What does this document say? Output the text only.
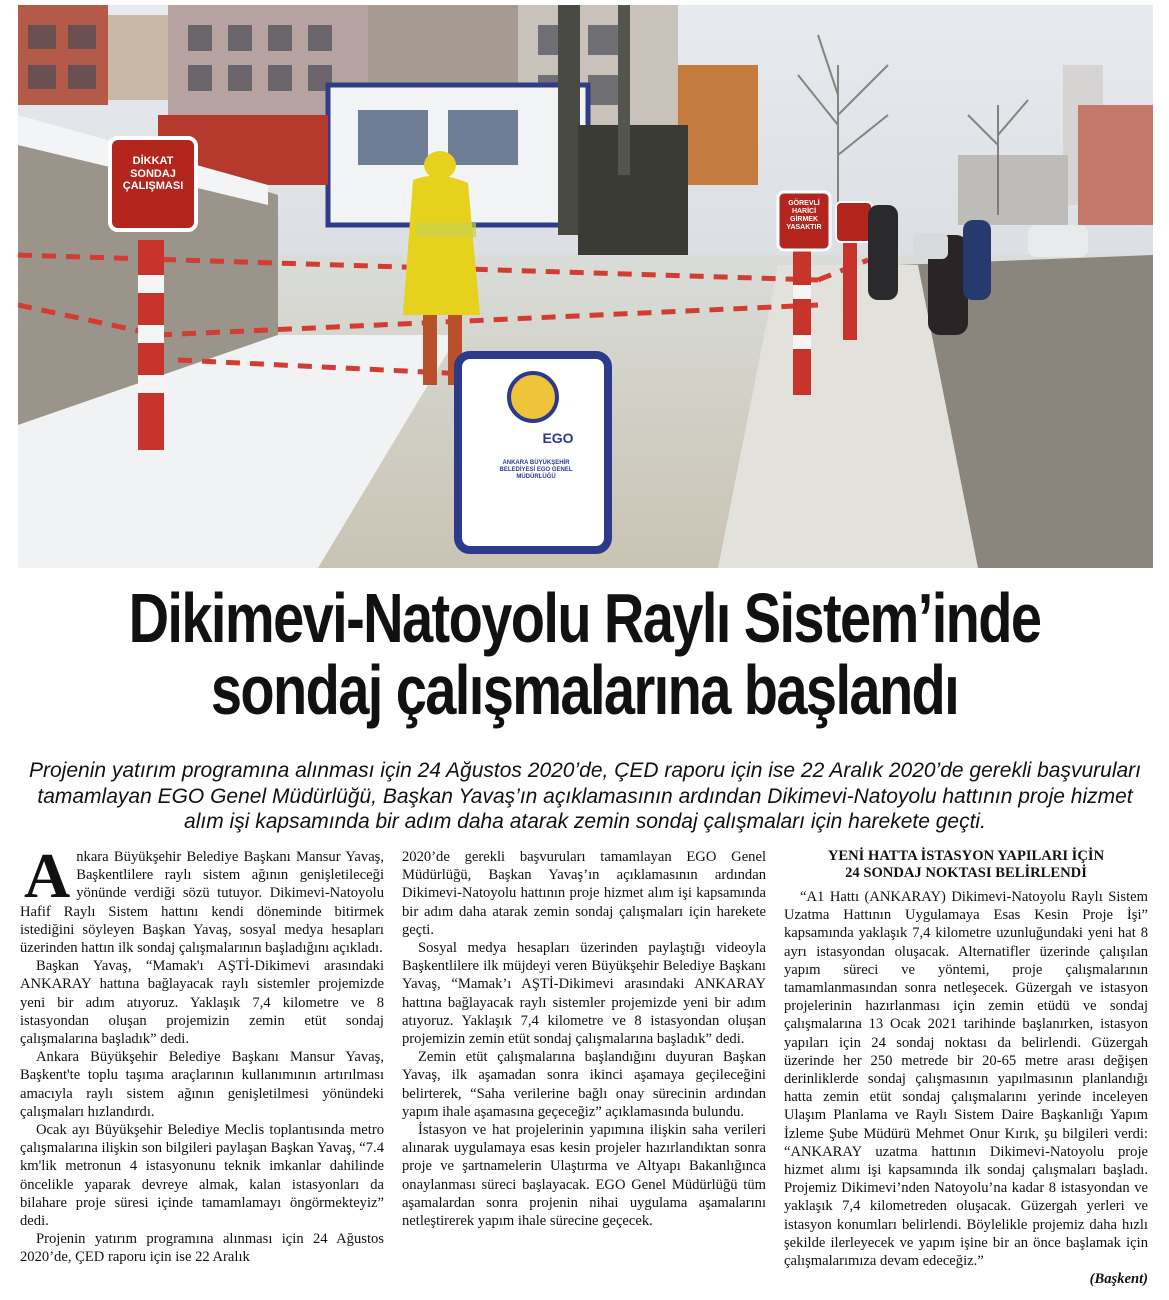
DİKKAT SONDAJ ÇALIŞMASI
GÖREVLİ HARİCİ GİRMEK YASAKTIR
EGO
ANKARA BÜYÜKŞEHİR BELEDİYESİ EGO GENEL MÜDÜRLÜĞÜ
Dikimevi-Natoyolu Raylı Sistem’inde
sondaj çalışmalarına başlandı

Projenin yatırım programına alınması için 24 Ağustos 2020’de, ÇED raporu için ise 22 Aralık 2020’de gerekli başvuruları tamamlayan EGO Genel Müdürlüğü, Başkan Yavaş’ın açıklamasının ardından Dikimevi-Natoyolu hattının proje hizmet alım işi kapsamında bir adım daha atarak zemin sondaj çalışmaları için harekete geçti.

Ankara Büyükşehir Belediye Başkanı Mansur Yavaş, Başkentlilere raylı sistem ağının genişletileceği yönünde verdiği sözü tutuyor. Dikimevi-Natoyolu Hafif Raylı Sistem hattını kendi döneminde bitirmek istediğini söyleyen Başkan Yavaş, sosyal medya hesapları üzerinden hattın ilk sondaj çalışmalarının başladığını açıkladı.

Başkan Yavaş, “Mamak'ı AŞTİ-Dikimevi arasındaki ANKARAY hattına bağlayacak raylı sistemler projemizde yeni bir adım atıyoruz. Yaklaşık 7,4 kilometre ve 8 istasyondan oluşan projemizin zemin etüt sondaj çalışmalarına başladık” dedi.

Ankara Büyükşehir Belediye Başkanı Mansur Yavaş, Başkent'te toplu taşıma araçlarının kullanımının artırılması amacıyla raylı sistem ağının genişletilmesi yönündeki çalışmaları hızlandırdı.

Ocak ayı Büyükşehir Belediye Meclis toplantısında metro çalışmalarına ilişkin son bilgileri paylaşan Başkan Yavaş, “7.4 km'lik metronun 4 istasyonunu teknik imkanlar dahilinde öncelikle yaparak devreye almak, kalan istasyonları da bilahare proje süresi içinde tamamlamayı öngörmekteyiz” dedi.

Projenin yatırım programına alınması için 24 Ağustos 2020’de, ÇED raporu için ise 22 Aralık

2020’de gerekli başvuruları tamamlayan EGO Genel Müdürlüğü, Başkan Yavaş’ın açıklamasının ardından Dikimevi-Natoyolu hattının proje hizmet alım işi kapsamında bir adım daha atarak zemin sondaj çalışmaları için harekete geçti.

Sosyal medya hesapları üzerinden paylaştığı videoyla Başkentlilere ilk müjdeyi veren Büyükşehir Belediye Başkanı Yavaş, “Mamak’ı AŞTİ-Dikimevi arasındaki ANKARAY hattına bağlayacak raylı sistemler projemizde yeni bir adım atıyoruz. Yaklaşık 7,4 kilometre ve 8 istasyondan oluşan projemizin zemin etüt sondaj çalışmalarına başladık” dedi.

Zemin etüt çalışmalarına başlandığını duyuran Başkan Yavaş, ilk aşamadan sonra ikinci aşamaya geçileceğini belirterek, “Saha verilerine bağlı onay sürecinin ardından yapım ihale aşamasına geçeceğiz” açıklamasında bulundu.

İstasyon ve hat projelerinin yapımına ilişkin saha verileri alınarak uygulamaya esas kesin projeler hazırlandıktan sonra proje ve şartnamelerin Ulaştırma ve Altyapı Bakanlığınca onaylanması süreci başlayacak. EGO Genel Müdürlüğü tüm aşamalardan sonra projenin nihai uygulama aşamalarını netleştirerek yapım ihale sürecine geçecek.

YENİ HATTA İSTASYON YAPILARI İÇİN
24 SONDAJ NOKTASI BELİRLENDİ

“A1 Hattı (ANKARAY) Dikimevi-Natoyolu Raylı Sistem Uzatma Hattının Uygulamaya Esas Kesin Proje İşi” kapsamında yaklaşık 7,4 kilometre uzunluğundaki yeni hat 8 ayrı istasyondan oluşacak. Alternatifler üzerinde çalışılan yapım süreci ve yöntemi, proje çalışmalarının tamamlanmasından sonra netleşecek. Güzergah ve istasyon projelerinin hazırlanması için zemin etüdü ve sondaj çalışmalarına 13 Ocak 2021 tarihinde başlanırken, istasyon yapıları için 24 sondaj noktası da belirlendi. Güzergah üzerinde her 250 metrede bir 20-65 metre arası değişen derinliklerde sondaj çalışmasının yapılmasının planlandığı hatta zemin etüt sondaj çalışmalarını yerinde inceleyen Ulaşım Planlama ve Raylı Sistem Daire Başkanlığı Yapım İzleme Şube Müdürü Mehmet Onur Kırık, şu bilgileri verdi: “ANKARAY uzatma hattının Dikimevi-Natoyolu proje hizmet alımı işi kapsamında ilk sondaj çalışmaları başladı. Projemiz Dikimevi’nden Natoyolu’na kadar 8 istasyondan ve yaklaşık 7,4 kilometreden oluşacak. Güzergah yerleri ve istasyon konumları belirlendi. Böylelikle projemiz daha hızlı şekilde ilerleyecek ve yapım işine bir an önce başlamak için çalışmalarımıza devam edeceğiz.”

(Başkent)
